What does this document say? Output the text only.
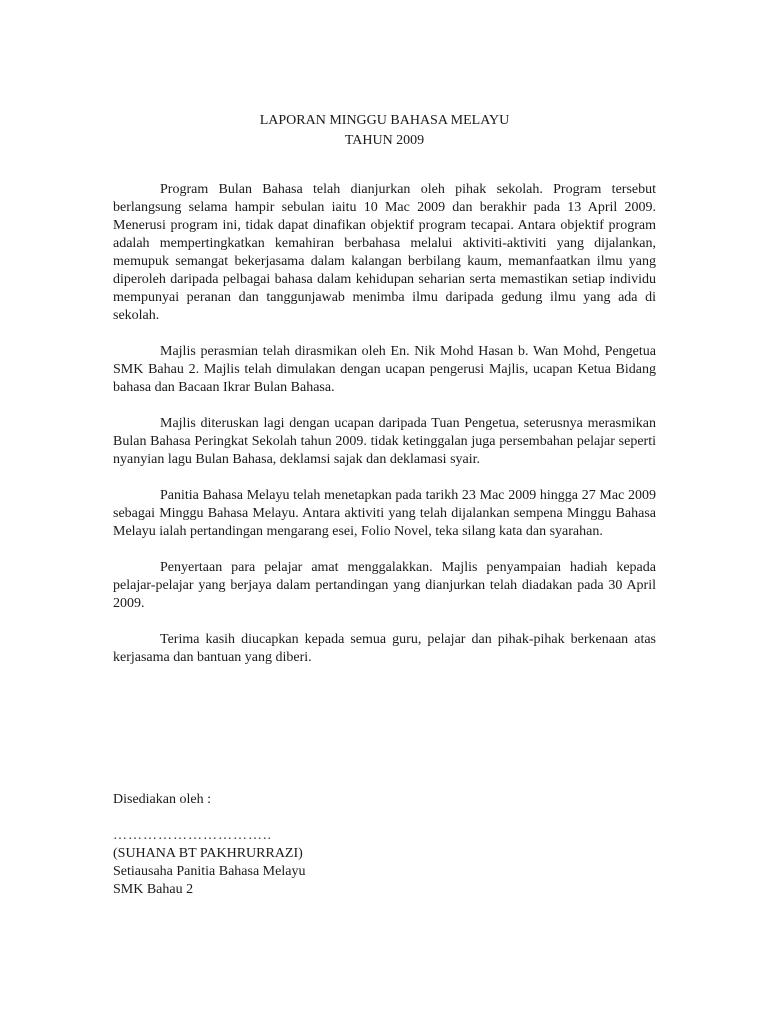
LAPORAN MINGGU BAHASA MELAYU
TAHUN 2009

Program Bulan Bahasa telah dianjurkan oleh pihak sekolah. Program tersebut berlangsung selama hampir sebulan iaitu 10 Mac 2009 dan berakhir pada 13 April 2009. Menerusi program ini, tidak dapat dinafikan objektif program tecapai. Antara objektif program adalah mempertingkatkan kemahiran berbahasa melalui aktiviti-aktiviti yang dijalankan, memupuk semangat bekerjasama dalam kalangan berbilang kaum, memanfaatkan ilmu yang diperoleh daripada pelbagai bahasa dalam kehidupan seharian serta memastikan setiap individu mempunyai peranan dan tanggunjawab menimba ilmu daripada gedung ilmu yang ada di sekolah.

Majlis perasmian telah dirasmikan oleh En. Nik Mohd Hasan b. Wan Mohd, Pengetua SMK Bahau 2. Majlis telah dimulakan dengan ucapan pengerusi Majlis, ucapan Ketua Bidang bahasa dan Bacaan Ikrar Bulan Bahasa.

Majlis diteruskan lagi dengan ucapan daripada Tuan Pengetua, seterusnya merasmikan Bulan Bahasa Peringkat Sekolah tahun 2009. tidak ketinggalan juga persembahan pelajar seperti nyanyian lagu Bulan Bahasa, deklamsi sajak dan deklamasi syair.

Panitia Bahasa Melayu telah menetapkan pada tarikh 23 Mac 2009 hingga 27 Mac 2009 sebagai Minggu Bahasa Melayu. Antara aktiviti yang telah dijalankan sempena Minggu Bahasa Melayu ialah pertandingan mengarang esei, Folio Novel, teka silang kata dan syarahan.

Penyertaan para pelajar amat menggalakkan. Majlis penyampaian hadiah kepada pelajar-pelajar yang berjaya dalam pertandingan yang dianjurkan telah diadakan pada 30 April 2009.

Terima kasih diucapkan kepada semua guru, pelajar dan pihak-pihak berkenaan atas kerjasama dan bantuan yang diberi.

Disediakan oleh :

…………………………..

(SUHANA BT PAKHRURRAZI)

Setiausaha Panitia Bahasa Melayu

SMK Bahau 2
